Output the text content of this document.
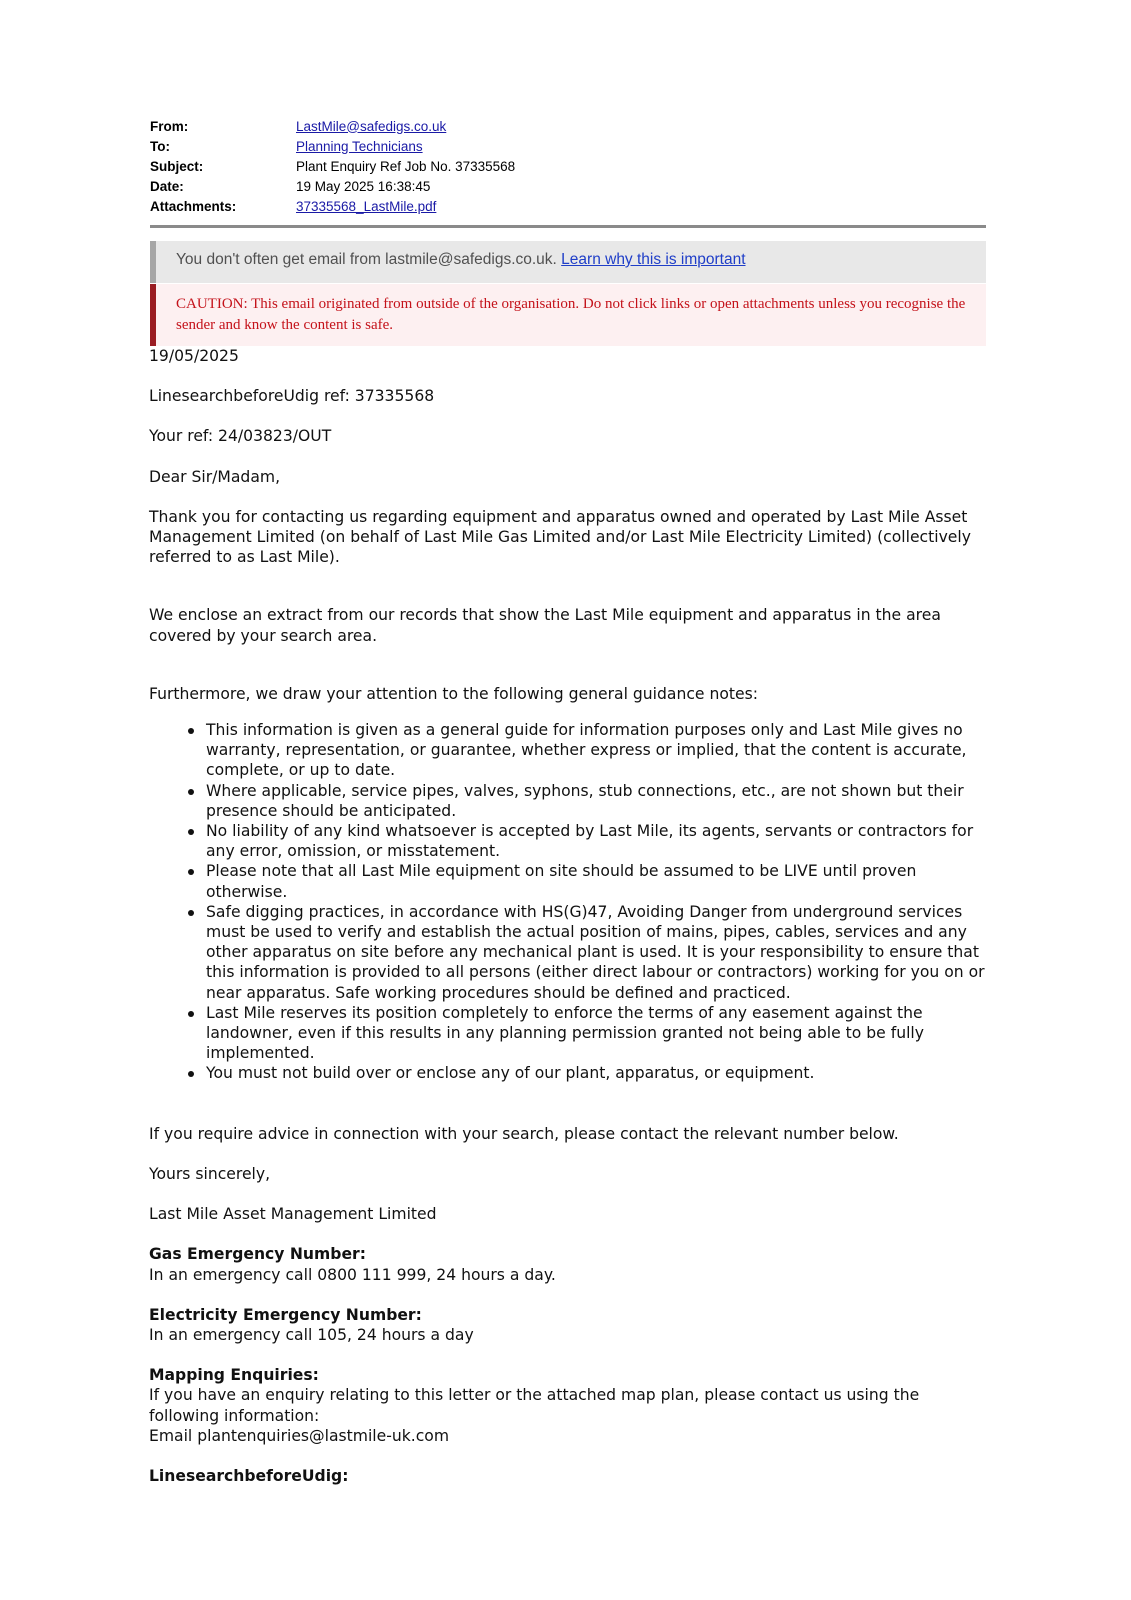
From:	LastMile@safedigs.co.uk
To:	Planning Technicians
Subject:	Plant Enquiry Ref Job No. 37335568
Date:	19 May 2025 16:38:45
Attachments:	37335568_LastMile.pdf
You don't often get email from lastmile@safedigs.co.uk. Learn why this is important
CAUTION: This email originated from outside of the organisation. Do not click links or open attachments unless you recognise the sender and know the content is safe.

19/05/2025

LinesearchbeforeUdig ref: 37335568

Your ref: 24/03823/OUT

Dear Sir/Madam,

Thank you for contacting us regarding equipment and apparatus owned and operated by Last Mile Asset Management Limited (on behalf of Last Mile Gas Limited and/or Last Mile Electricity Limited) (collectively referred to as Last Mile).

We enclose an extract from our records that show the Last Mile equipment and apparatus in the area covered by your search area.

Furthermore, we draw your attention to the following general guidance notes:

This information is given as a general guide for information purposes only and Last Mile gives no warranty, representation, or guarantee, whether express or implied, that the content is accurate, complete, or up to date.
Where applicable, service pipes, valves, syphons, stub connections, etc., are not shown but their presence should be anticipated.
No liability of any kind whatsoever is accepted by Last Mile, its agents, servants or contractors for any error, omission, or misstatement.
Please note that all Last Mile equipment on site should be assumed to be LIVE until proven otherwise.
Safe digging practices, in accordance with HS(G)47, Avoiding Danger from underground services must be used to verify and establish the actual position of mains, pipes, cables, services and any other apparatus on site before any mechanical plant is used. It is your responsibility to ensure that this information is provided to all persons (either direct labour or contractors) working for you on or near apparatus. Safe working procedures should be defined and practiced.
Last Mile reserves its position completely to enforce the terms of any easement against the landowner, even if this results in any planning permission granted not being able to be fully implemented.
You must not build over or enclose any of our plant, apparatus, or equipment.

If you require advice in connection with your search, please contact the relevant number below.

Yours sincerely,

Last Mile Asset Management Limited

Gas Emergency Number:

In an emergency call 0800 111 999, 24 hours a day.

Electricity Emergency Number:

In an emergency call 105, 24 hours a day

Mapping Enquiries:

If you have an enquiry relating to this letter or the attached map plan, please contact us using the following information:

Email plantenquiries@lastmile-uk.com

LinesearchbeforeUdig:
